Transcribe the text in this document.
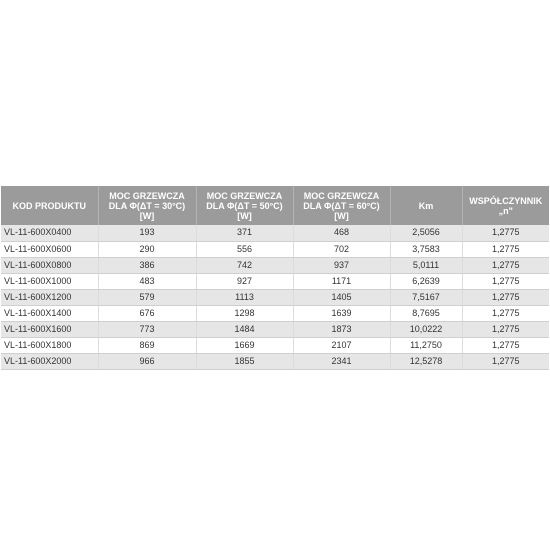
KOD PRODUKTU	MOC GRZEWCZA
DLA Φ(ΔT = 30°C)
[W]	MOC GRZEWCZA
DLA Φ(ΔT = 50°C)
[W]	MOC GRZEWCZA
DLA Φ(ΔT = 60°C)
[W]	Km	WSPÓŁCZYNNIK
„n"

VL-11-600X0400	193	371	468	2,5056	1,2775
VL-11-600X0600	290	556	702	3,7583	1,2775
VL-11-600X0800	386	742	937	5,0111	1,2775
VL-11-600X1000	483	927	1171	6,2639	1,2775
VL-11-600X1200	579	1113	1405	7,5167	1,2775
VL-11-600X1400	676	1298	1639	8,7695	1,2775
VL-11-600X1600	773	1484	1873	10,0222	1,2775
VL-11-600X1800	869	1669	2107	11,2750	1,2775
VL-11-600X2000	966	1855	2341	12,5278	1,2775
